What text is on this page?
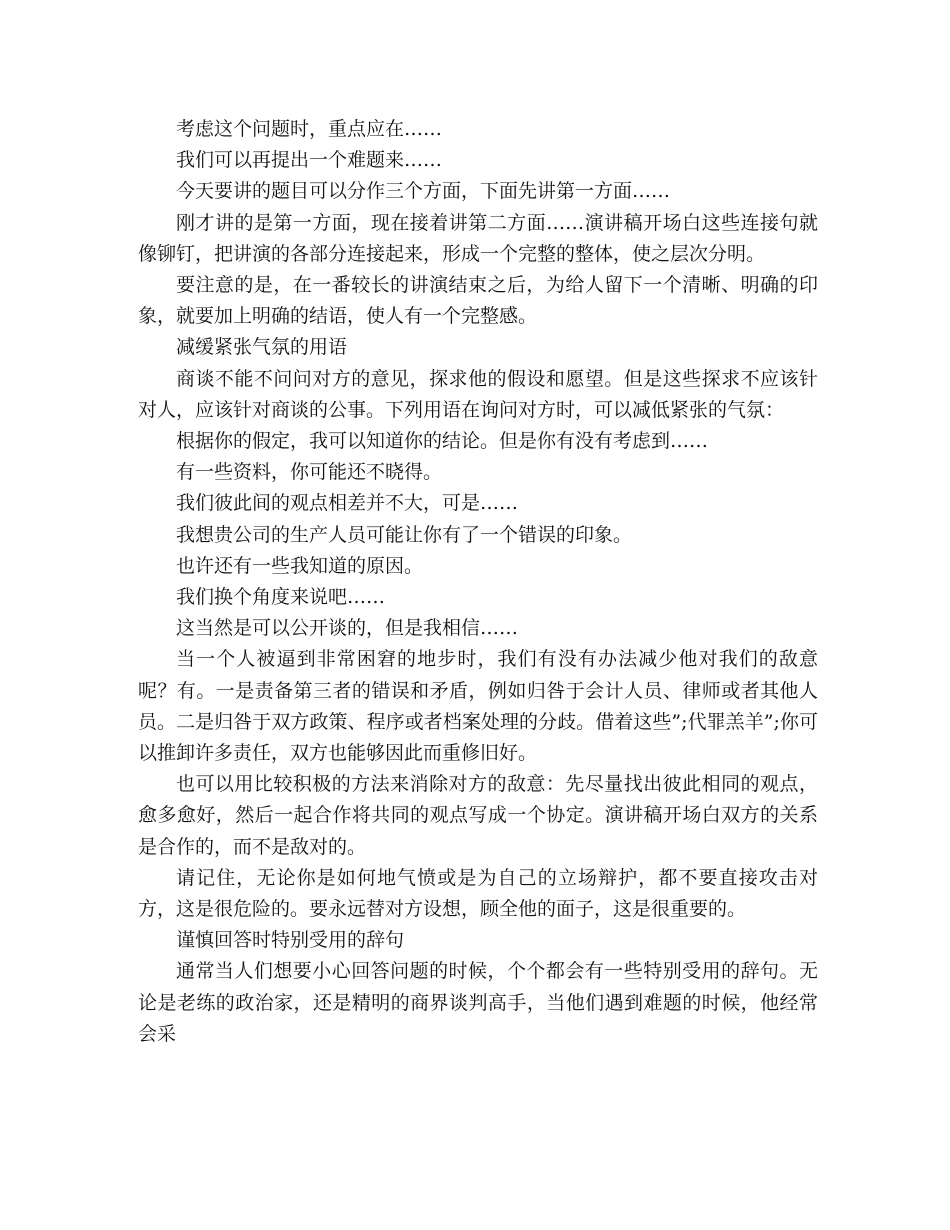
考虑这个问题时，重点应在……

我们可以再提出一个难题来……

今天要讲的题目可以分作三个方面，下面先讲第一方面……

刚才讲的是第一方面，现在接着讲第二方面……演讲稿开场白这些连接句就像铆钉，把讲演的各部分连接起来，形成一个完整的整体，使之层次分明。

要注意的是，在一番较长的讲演结束之后，为给人留下一个清晰、明确的印象，就要加上明确的结语，使人有一个完整感。

减缓紧张气氛的用语

商谈不能不问问对方的意见，探求他的假设和愿望。但是这些探求不应该针对人，应该针对商谈的公事。下列用语在询问对方时，可以减低紧张的气氛：

根据你的假定，我可以知道你的结论。但是你有没有考虑到……

有一些资料，你可能还不晓得。

我们彼此间的观点相差并不大，可是……

我想贵公司的生产人员可能让你有了一个错误的印象。

也许还有一些我知道的原因。

我们换个角度来说吧……

这当然是可以公开谈的，但是我相信……

当一个人被逼到非常困窘的地步时，我们有没有办法减少他对我们的敌意呢？有。一是责备第三者的错误和矛盾，例如归咎于会计人员、律师或者其他人员。二是归咎于双方政策、程序或者档案处理的分歧。借着这些”;代罪羔羊”;你可以推卸许多责任，双方也能够因此而重修旧好。

也可以用比较积极的方法来消除对方的敌意：先尽量找出彼此相同的观点，愈多愈好，然后一起合作将共同的观点写成一个协定。演讲稿开场白双方的关系是合作的，而不是敌对的。

请记住，无论你是如何地气愤或是为自己的立场辩护，都不要直接攻击对方，这是很危险的。要永远替对方设想，顾全他的面子，这是很重要的。

谨慎回答时特别受用的辞句

通常当人们想要小心回答问题的时候，个个都会有一些特别受用的辞句。无论是老练的政治家，还是精明的商界谈判高手，当他们遇到难题的时候，他经常会采
